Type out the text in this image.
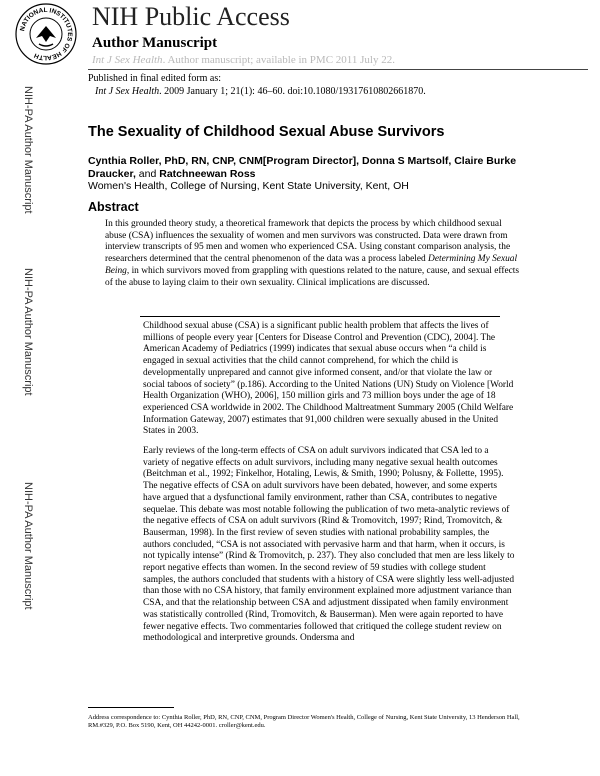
NATIONAL INSTITUTES OF HEALTH
NIH Public Access
Author Manuscript
Int J Sex Health. Author manuscript; available in PMC 2011 July 22.
Published in final edited form as:
Int J Sex Health. 2009 January 1; 21(1): 46–60. doi:10.1080/19317610802661870.
NIH-PA Author Manuscript
NIH-PA Author Manuscript
NIH-PA Author Manuscript
The Sexuality of Childhood Sexual Abuse Survivors
Cynthia Roller, PhD, RN, CNP, CNM[Program Director], Donna S Martsolf, Claire Burke Draucker, and Ratchneewan Ross
Women's Health, College of Nursing, Kent State University, Kent, OH
Abstract
In this grounded theory study, a theoretical framework that depicts the process by which childhood sexual abuse (CSA) influences the sexuality of women and men survivors was constructed. Data were drawn from interview transcripts of 95 men and women who experienced CSA. Using constant comparison analysis, the researchers determined that the central phenomenon of the data was a process labeled Determining My Sexual Being, in which survivors moved from grappling with questions related to the nature, cause, and sexual effects of the abuse to laying claim to their own sexuality. Clinical implications are discussed.
Childhood sexual abuse (CSA) is a significant public health problem that affects the lives of millions of people every year [Centers for Disease Control and Prevention (CDC), 2004]. The American Academy of Pediatrics (1999) indicates that sexual abuse occurs when “a child is engaged in sexual activities that the child cannot comprehend, for which the child is developmentally unprepared and cannot give informed consent, and/or that violate the law or social taboos of society” (p.186). According to the United Nations (UN) Study on Violence [World Health Organization (WHO), 2006], 150 million girls and 73 million boys under the age of 18 experienced CSA worldwide in 2002. The Childhood Maltreatment Summary 2005 (Child Welfare Information Gateway, 2007) estimates that 91,000 children were sexually abused in the United States in 2003.
Early reviews of the long-term effects of CSA on adult survivors indicated that CSA led to a variety of negative effects on adult survivors, including many negative sexual health outcomes (Beitchman et al., 1992; Finkelhor, Hotaling, Lewis, & Smith, 1990; Polusny, & Follette, 1995). The negative effects of CSA on adult survivors have been debated, however, and some experts have argued that a dysfunctional family environment, rather than CSA, contributes to negative sequelae. This debate was most notable following the publication of two meta-analytic reviews of the negative effects of CSA on adult survivors (Rind & Tromovitch, 1997; Rind, Tromovitch, & Bauserman, 1998). In the first review of seven studies with national probability samples, the authors concluded, “CSA is not associated with pervasive harm and that harm, when it occurs, is not typically intense” (Rind & Tromovitch, p. 237). They also concluded that men are less likely to report negative effects than women. In the second review of 59 studies with college student samples, the authors concluded that students with a history of CSA were slightly less well-adjusted than those with no CSA history, that family environment explained more adjustment variance than CSA, and that the relationship between CSA and adjustment dissipated when family environment was statistically controlled (Rind, Tromovitch, & Bauserman). Men were again reported to have fewer negative effects. Two commentaries followed that critiqued the college student review on methodological and interpretive grounds. Ondersma and
Address correspondence to: Cynthia Roller, PhD, RN, CNP, CNM, Program Director Women's Health, College of Nursing, Kent State University, 13 Henderson Hall, RM.#329, P.O. Box 5190, Kent, OH 44242-0001. croller@kent.edu.
